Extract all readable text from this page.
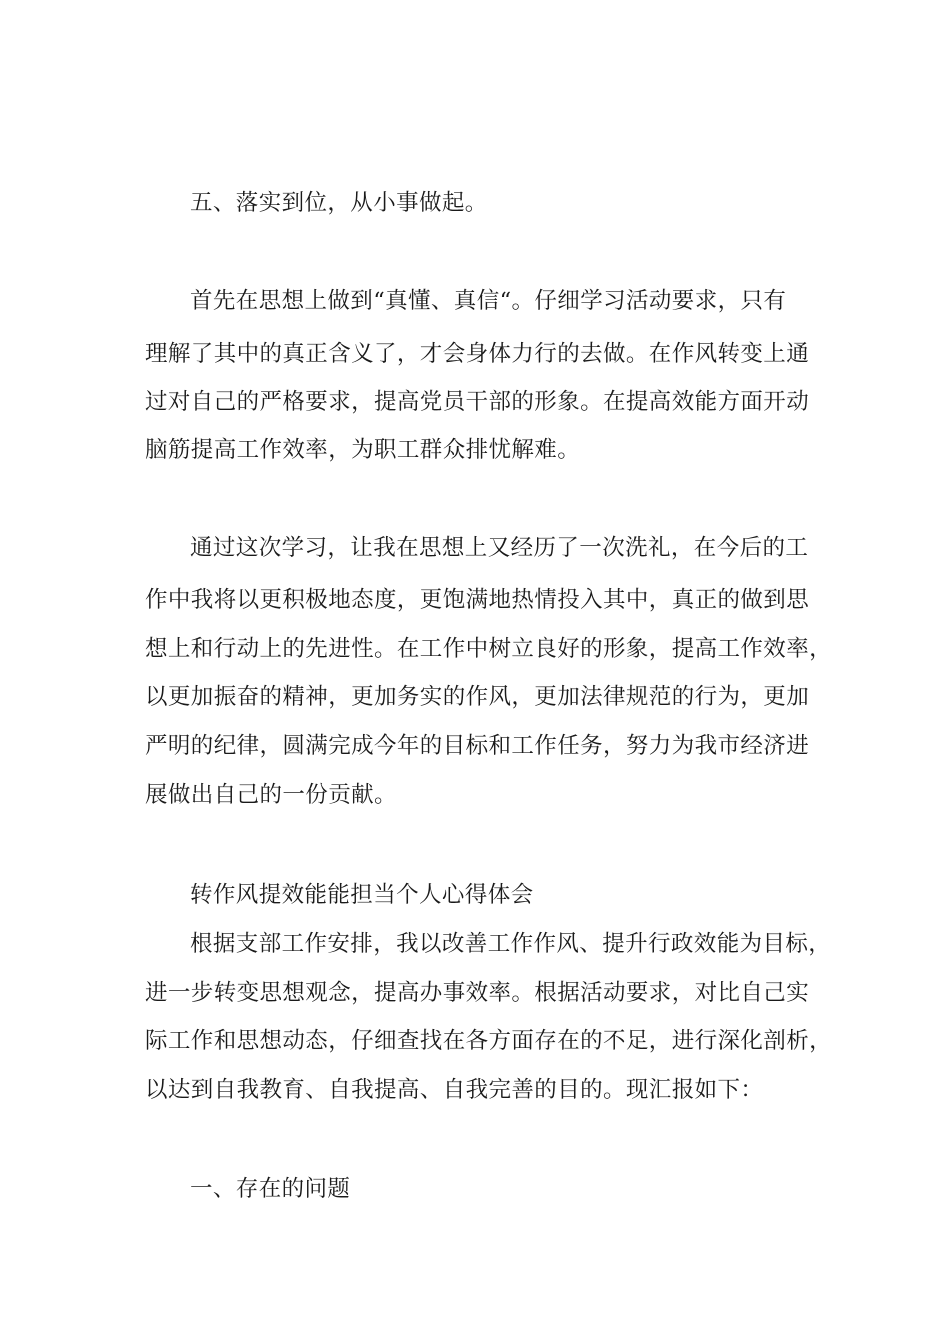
五、落实到位，从小事做起。
首先在思想上做到“真懂、真信“。仔细学习活动要求，只有
理解了其中的真正含义了，才会身体力行的去做。在作风转变上通
过对自己的严格要求，提高党员干部的形象。在提高效能方面开动
脑筋提高工作效率，为职工群众排忧解难。
通过这次学习，让我在思想上又经历了一次洗礼，在今后的工
作中我将以更积极地态度，更饱满地热情投入其中，真正的做到思
想上和行动上的先进性。在工作中树立良好的形象，提高工作效率，
以更加振奋的精神，更加务实的作风，更加法律规范的行为，更加
严明的纪律，圆满完成今年的目标和工作任务，努力为我市经济进
展做出自己的一份贡献。
转作风提效能能担当个人心得体会
根据支部工作安排，我以改善工作作风、提升行政效能为目标，
进一步转变思想观念，提高办事效率。根据活动要求，对比自己实
际工作和思想动态，仔细查找在各方面存在的不足，进行深化剖析，
以达到自我教育、自我提高、自我完善的目的。现汇报如下：
一、存在的问题
